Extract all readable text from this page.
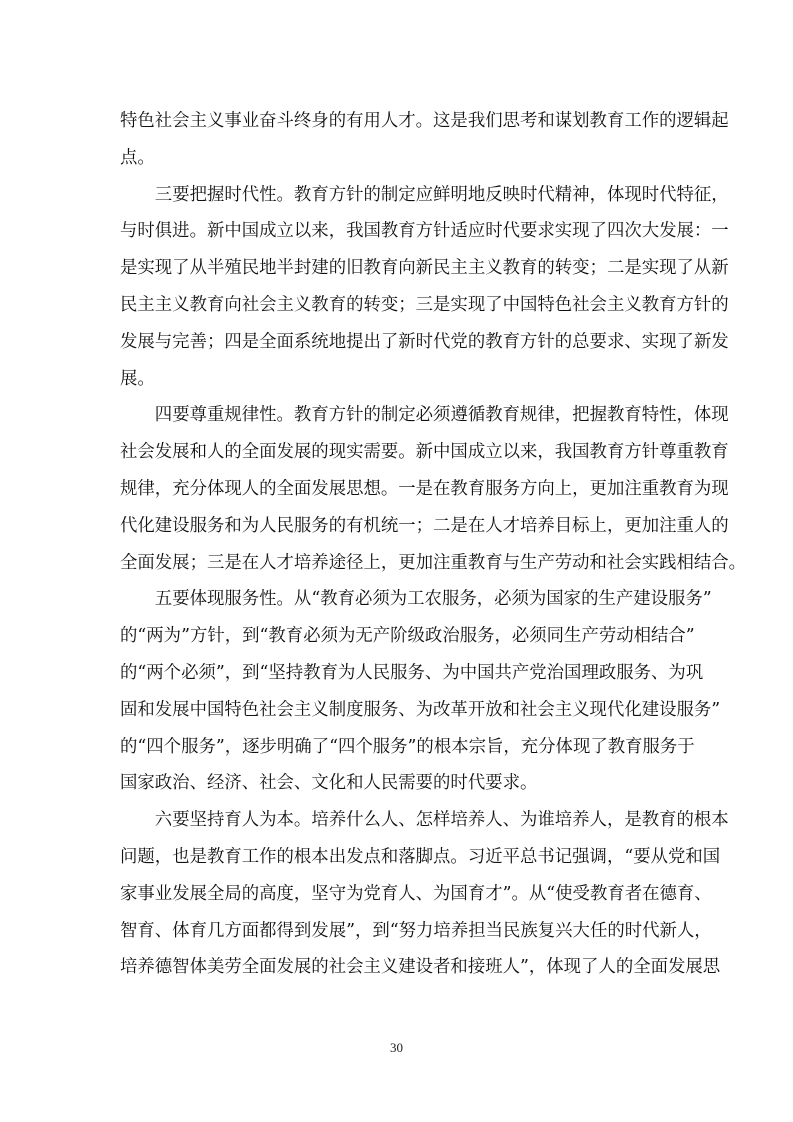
特色社会主义事业奋斗终身的有用人才。这是我们思考和谋划教育工作的逻辑起
点。
三要把握时代性。教育方针的制定应鲜明地反映时代精神，体现时代特征，
与时俱进。新中国成立以来，我国教育方针适应时代要求实现了四次大发展：一
是实现了从半殖民地半封建的旧教育向新民主主义教育的转变；二是实现了从新
民主主义教育向社会主义教育的转变；三是实现了中国特色社会主义教育方针的
发展与完善；四是全面系统地提出了新时代党的教育方针的总要求、实现了新发
展。
四要尊重规律性。教育方针的制定必须遵循教育规律，把握教育特性，体现
社会发展和人的全面发展的现实需要。新中国成立以来，我国教育方针尊重教育
规律，充分体现人的全面发展思想。一是在教育服务方向上，更加注重教育为现
代化建设服务和为人民服务的有机统一；二是在人才培养目标上，更加注重人的
全面发展；三是在人才培养途径上，更加注重教育与生产劳动和社会实践相结合。
五要体现服务性。从“教育必须为工农服务，必须为国家的生产建设服务”
的“两为”方针，到“教育必须为无产阶级政治服务，必须同生产劳动相结合”
的“两个必须”，到“坚持教育为人民服务、为中国共产党治国理政服务、为巩
固和发展中国特色社会主义制度服务、为改革开放和社会主义现代化建设服务”
的“四个服务”，逐步明确了“四个服务”的根本宗旨，充分体现了教育服务于
国家政治、经济、社会、文化和人民需要的时代要求。
六要坚持育人为本。培养什么人、怎样培养人、为谁培养人，是教育的根本
问题，也是教育工作的根本出发点和落脚点。习近平总书记强调，“要从党和国
家事业发展全局的高度，坚守为党育人、为国育才”。从“使受教育者在德育、
智育、体育几方面都得到发展”，到“努力培养担当民族复兴大任的时代新人，
培养德智体美劳全面发展的社会主义建设者和接班人”，体现了人的全面发展思
30
